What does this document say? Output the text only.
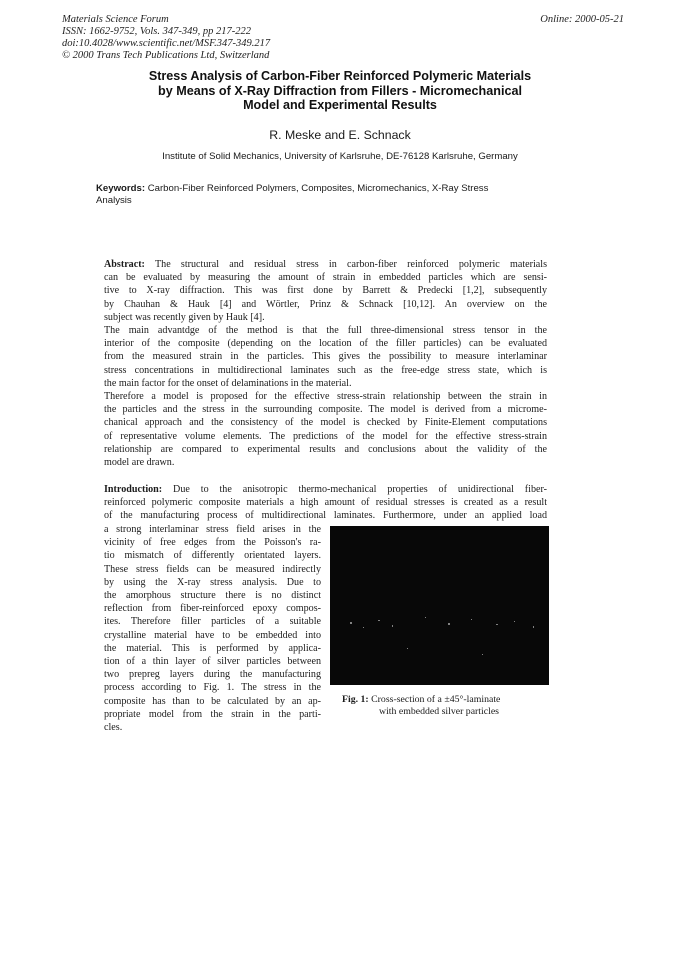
Materials Science Forum
ISSN: 1662-9752, Vols. 347-349, pp 217-222
doi:10.4028/www.scientific.net/MSF.347-349.217
© 2000 Trans Tech Publications Ltd, Switzerland
Online: 2000-05-21
Stress Analysis of Carbon-Fiber Reinforced Polymeric Materials
by Means of X-Ray Diffraction from Fillers - Micromechanical
Model and Experimental Results
R. Meske and E. Schnack
Institute of Solid Mechanics, University of Karlsruhe, DE-76128 Karlsruhe, Germany
Keywords: Carbon-Fiber Reinforced Polymers, Composites, Micromechanics, X-Ray Stress Analysis
Abstract: The structural and residual stress in carbon-fiber reinforced polymeric materials
can be evaluated by measuring the amount of strain in embedded particles which are sensi-
tive to X-ray diffraction. This was first done by Barrett & Predecki [1,2], subsequently
by Chauhan & Hauk [4] and Wörtler, Prinz & Schnack [10,12]. An overview on the
subject was recently given by Hauk [4].
The main advantdge of the method is that the full three-dimensional stress tensor in the
interior of the composite (depending on the location of the filler particles) can be evaluated
from the measured strain in the particles. This gives the possibility to measure interlaminar
stress concentrations in multidirectional laminates such as the free-edge stress state, which is
the main factor for the onset of delaminations in the material.
Therefore a model is proposed for the effective stress-strain relationship between the strain in
the particles and the stress in the surrounding composite. The model is derived from a microme-
chanical approach and the consistency of the model is checked by Finite-Element computations
of representative volume elements. The predictions of the model for the effective stress-strain
relationship are compared to experimental results and conclusions about the validity of the
model are drawn.
Introduction: Due to the anisotropic thermo-mechanical properties of unidirectional fiber-
reinforced polymeric composite materials a high amount of residual stresses is created as a result
of the manufacturing process of multidirectional laminates. Furthermore, under an applied load
a strong interlaminar stress field arises in the
vicinity of free edges from the Poisson's ra-
tio mismatch of differently orientated layers.
These stress fields can be measured indirectly
by using the X-ray stress analysis. Due to
the amorphous structure there is no distinct
reflection from fiber-reinforced epoxy compos-
ites. Therefore filler particles of a suitable
crystalline material have to be embedded into
the material. This is performed by applica-
tion of a thin layer of silver particles between
two prepreg layers during the manufacturing
process according to Fig. 1. The stress in the
composite has than to be calculated by an ap-
propriate model from the strain in the parti-
cles.
Fig. 1: Cross-section of a ±45°-laminate
with embedded silver particles
